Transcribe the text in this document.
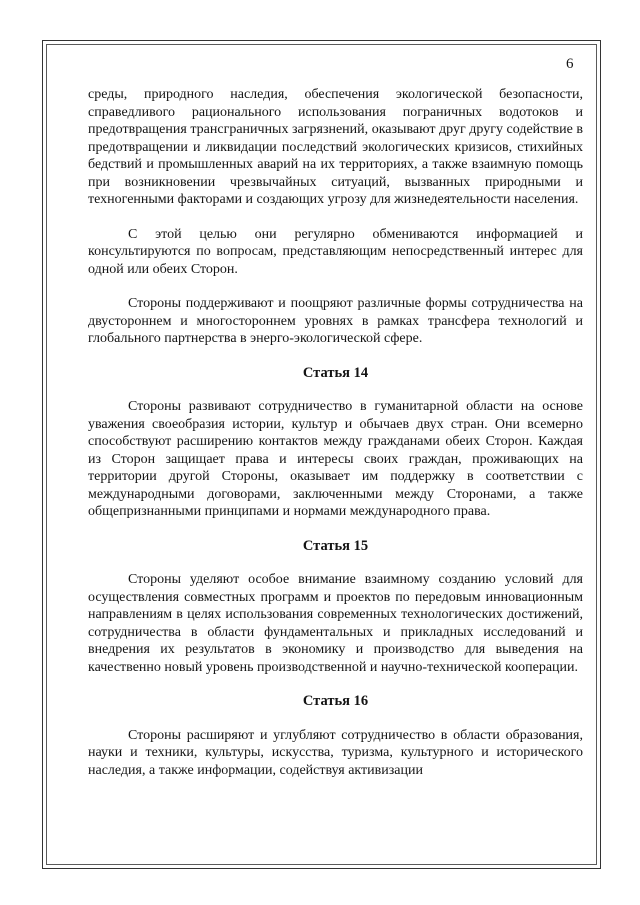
6

среды, природного наследия, обеспечения экологической безопасности, справедливого рационального использования пограничных водотоков и предотвращения трансграничных загрязнений, оказывают друг другу содействие в предотвращении и ликвидации последствий экологических кризисов, стихийных бедствий и промышленных аварий на их территориях, а также взаимную помощь при возникновении чрезвычайных ситуаций, вызванных природными и техногенными факторами и создающих угрозу для жизнедеятельности населения.

С этой целью они регулярно обмениваются информацией и консультируются по вопросам, представляющим непосредственный интерес для одной или обеих Сторон.

Стороны поддерживают и поощряют различные формы сотрудничества на двустороннем и многостороннем уровнях в рамках трансфера технологий и глобального партнерства в энерго-экологической сфере.

Статья 14

Стороны развивают сотрудничество в гуманитарной области на основе уважения своеобразия истории, культур и обычаев двух стран. Они всемерно способствуют расширению контактов между гражданами обеих Сторон. Каждая из Сторон защищает права и интересы своих граждан, проживающих на территории другой Стороны, оказывает им поддержку в соответствии с международными договорами, заключенными между Сторонами, а также общепризнанными принципами и нормами международного права.

Статья 15

Стороны уделяют особое внимание взаимному созданию условий для осуществления совместных программ и проектов по передовым инновационным направлениям в целях использования современных технологических достижений, сотрудничества в области фундаментальных и прикладных исследований и внедрения их результатов в экономику и производство для выведения на качественно новый уровень производственной и научно-технической кооперации.

Статья 16

Стороны расширяют и углубляют сотрудничество в области образования, науки и техники, культуры, искусства, туризма, культурного и исторического наследия, а также информации, содействуя активизации
